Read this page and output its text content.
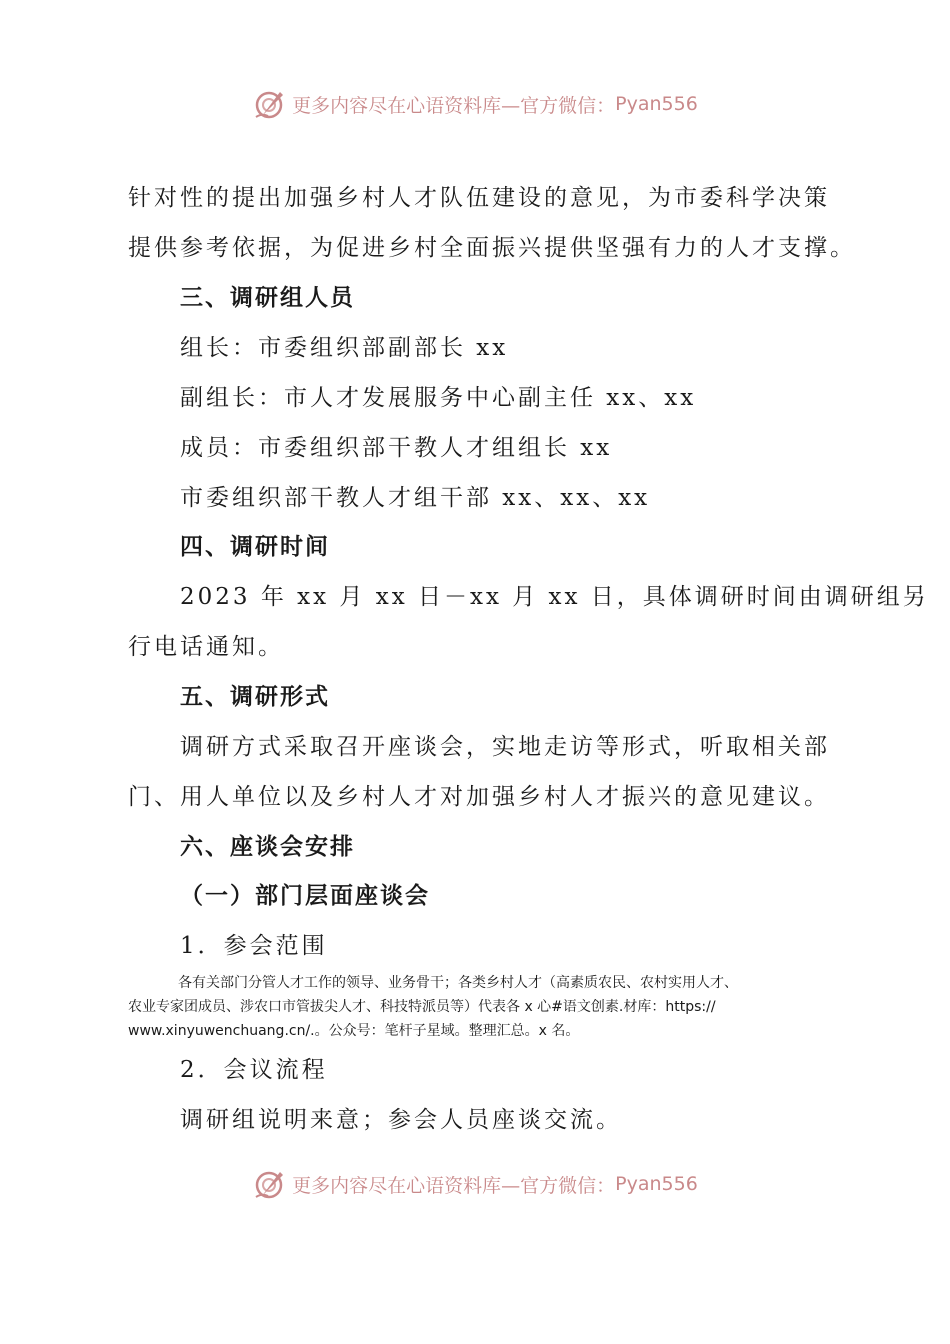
更多内容尽在心语资料库—官方微信： Pyan556
针对性的提出加强乡村人才队伍建设的意见，为市委科学决策
提供参考依据，为促进乡村全面振兴提供坚强有力的人才支撑。
三、调研组人员
组长：市委组织部副部长 xx
副组长：市人才发展服务中心副主任 xx、xx
成员：市委组织部干教人才组组长 xx
市委组织部干教人才组干部 xx、xx、xx
四、调研时间
2023 年 xx 月 xx 日－xx 月 xx 日，具体调研时间由调研组另
行电话通知。
五、调研形式
调研方式采取召开座谈会，实地走访等形式，听取相关部
门、用人单位以及乡村人才对加强乡村人才振兴的意见建议。
六、座谈会安排
（一）部门层面座谈会
1．参会范围
各有关部门分管人才工作的领导、业务骨干；各类乡村人才（高素质农民、农村实用人才、
农业专家团成员、涉农口市管拔尖人才、科技特派员等）代表各 x 心#语文创素.材库：https://
www.xinyuwenchuang.cn/.。公众号：笔杆子星域。整理汇总。x 名。
2．会议流程
调研组说明来意；参会人员座谈交流。
更多内容尽在心语资料库—官方微信： Pyan556
